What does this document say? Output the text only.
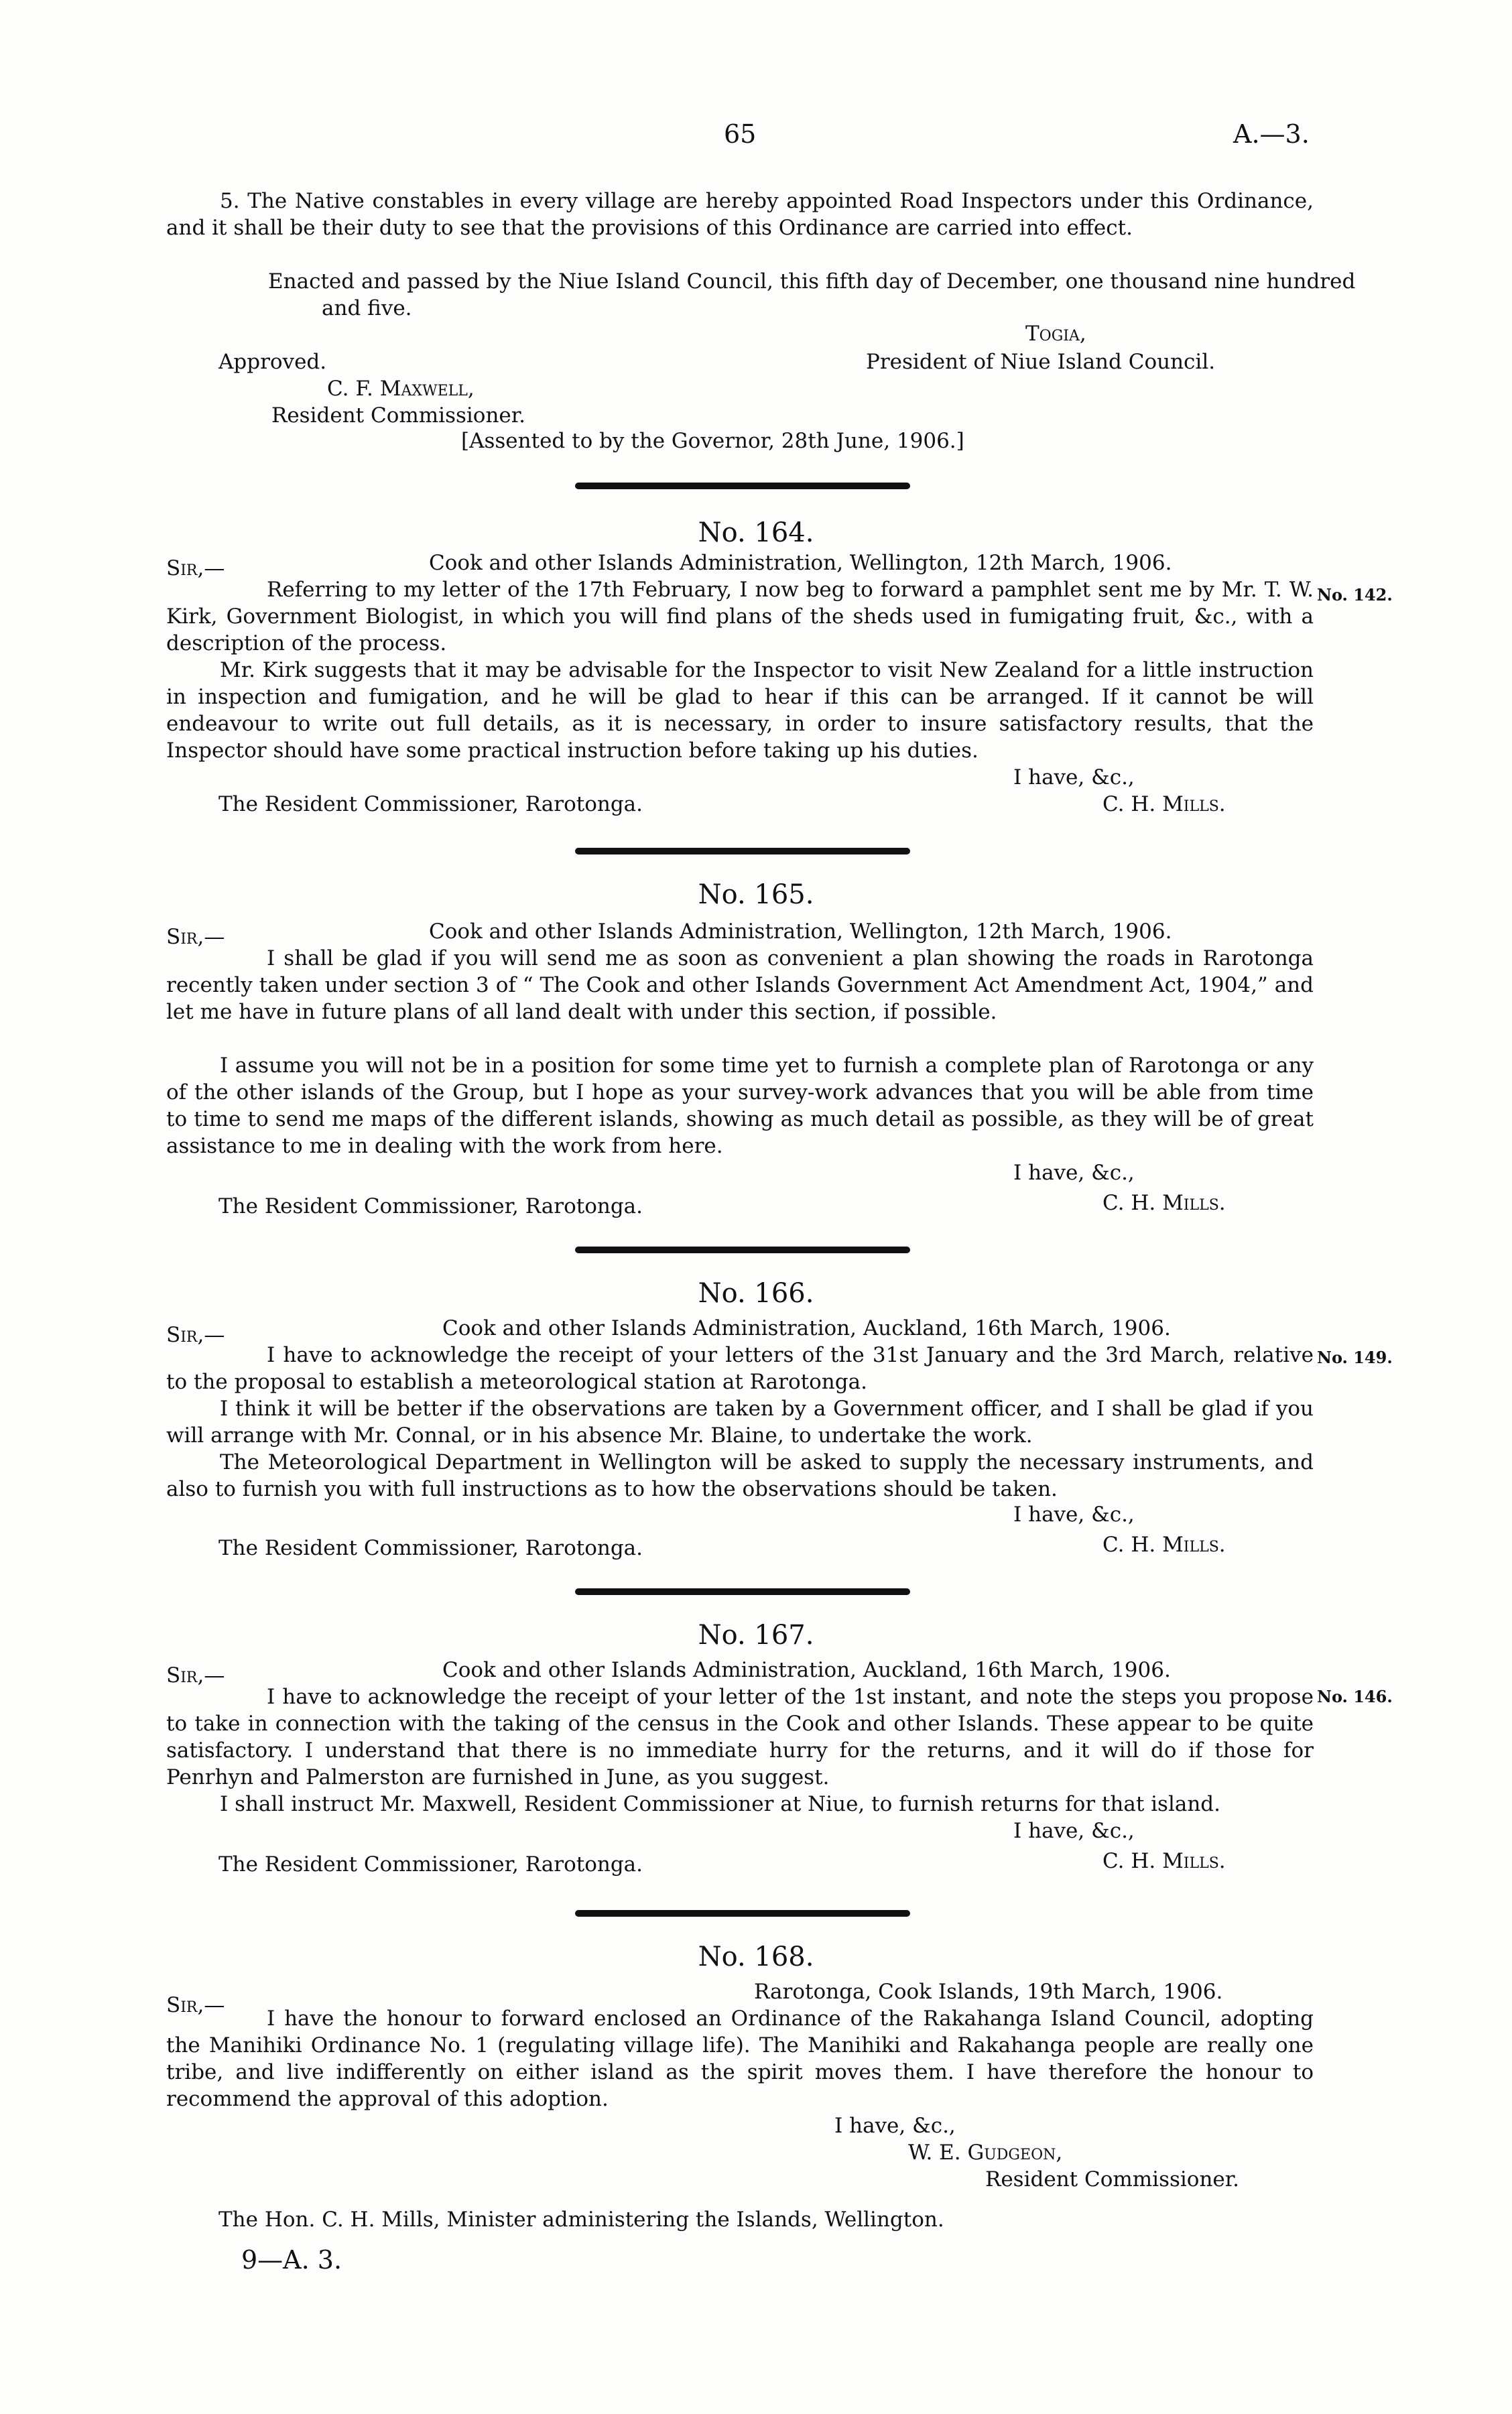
65	A.—3.
5. The Native constables in every village are hereby appointed Road Inspectors under this Ordinance, and it shall be their duty to see that the provisions of this Ordinance are carried into effect.
Enacted and passed by the Niue Island Council, this fifth day of December, one thousand nine hundred and five.
Togia,
Approved.	President of Niue Island Council.
C. F. Maxwell,
Resident Commissioner.
[Assented to by the Governor, 28th June, 1906.]
No. 164.
Sir,—	Cook and other Islands Administration, Wellington, 12th March, 1906.
No. 142.
Referring to my letter of the 17th February, I now beg to forward a pamphlet sent me by Mr. T. W. Kirk, Government Biologist, in which you will find plans of the sheds used in fumigating fruit, &c., with a description of the process.
Mr. Kirk suggests that it may be advisable for the Inspector to visit New Zealand for a little instruction in inspection and fumigation, and he will be glad to hear if this can be arranged. If it cannot be will endeavour to write out full details, as it is necessary, in order to insure satisfactory results, that the Inspector should have some practical instruction before taking up his duties.
I have, &c.,
The Resident Commissioner, Rarotonga.	C. H. Mills.
No. 165.
Sir,—	Cook and other Islands Administration, Wellington, 12th March, 1906.
I shall be glad if you will send me as soon as convenient a plan showing the roads in Rarotonga recently taken under section 3 of “ The Cook and other Islands Government Act Amendment Act, 1904,” and let me have in future plans of all land dealt with under this section, if possible.
I assume you will not be in a position for some time yet to furnish a complete plan of Rarotonga or any of the other islands of the Group, but I hope as your survey-work advances that you will be able from time to time to send me maps of the different islands, showing as much detail as possible, as they will be of great assistance to me in dealing with the work from here.
I have, &c.,
The Resident Commissioner, Rarotonga.	C. H. Mills.
No. 166.
Sir,—	Cook and other Islands Administration, Auckland, 16th March, 1906.
No. 149.
I have to acknowledge the receipt of your letters of the 31st January and the 3rd March, relative to the proposal to establish a meteorological station at Rarotonga.
I think it will be better if the observations are taken by a Government officer, and I shall be glad if you will arrange with Mr. Connal, or in his absence Mr. Blaine, to undertake the work.
The Meteorological Department in Wellington will be asked to supply the necessary instruments, and also to furnish you with full instructions as to how the observations should be taken.
I have, &c.,
The Resident Commissioner, Rarotonga.	C. H. Mills.
No. 167.
Sir,—	Cook and other Islands Administration, Auckland, 16th March, 1906.
No. 146.
I have to acknowledge the receipt of your letter of the 1st instant, and note the steps you propose to take in connection with the taking of the census in the Cook and other Islands. These appear to be quite satisfactory. I understand that there is no immediate hurry for the returns, and it will do if those for Penrhyn and Palmerston are furnished in June, as you suggest.
I shall instruct Mr. Maxwell, Resident Commissioner at Niue, to furnish returns for that island.
I have, &c.,
The Resident Commissioner, Rarotonga.	C. H. Mills.
No. 168.
Sir,—
Rarotonga, Cook Islands, 19th March, 1906.
I have the honour to forward enclosed an Ordinance of the Rakahanga Island Council, adopting the Manihiki Ordinance No. 1 (regulating village life). The Manihiki and Rakahanga people are really one tribe, and live indifferently on either island as the spirit moves them. I have therefore the honour to recommend the approval of this adoption.
I have, &c.,
W. E. Gudgeon,
Resident Commissioner.
The Hon. C. H. Mills, Minister administering the Islands, Wellington.
9—A. 3.
